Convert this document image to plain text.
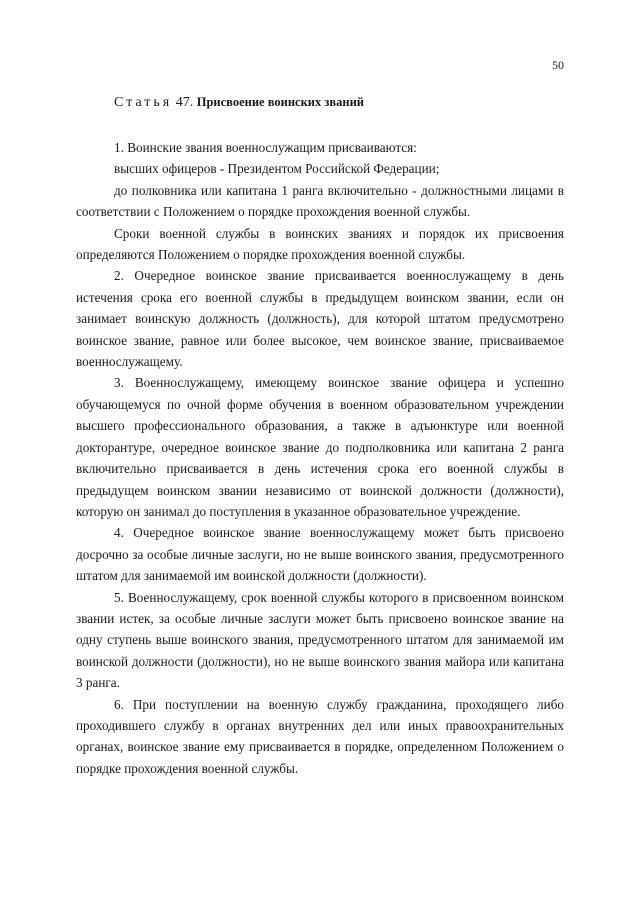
50
Статья 47. Присвоение воинских званий

1. Воинские звания военнослужащим присваиваются:

высших офицеров - Президентом Российской Федерации;

до полковника или капитана 1 ранга включительно - должностными лицами в соответствии с Положением о порядке прохождения военной службы.

Сроки военной службы в воинских званиях и порядок их присвоения определяются Положением о порядке прохождения военной службы.

2. Очередное воинское звание присваивается военнослужащему в день истечения срока его военной службы в предыдущем воинском звании, если он занимает воинскую должность (должность), для которой штатом предусмотрено воинское звание, равное или более высокое, чем воинское звание, присваиваемое военнослужащему.

3. Военнослужащему, имеющему воинское звание офицера и успешно обучающемуся по очной форме обучения в военном образовательном учреждении высшего профессионального образования, а также в адъюнктуре или военной докторантуре, очередное воинское звание до подполковника или капитана 2 ранга включительно присваивается в день истечения срока его военной службы в предыдущем воинском звании независимо от воинской должности (должности), которую он занимал до поступления в указанное образовательное учреждение.

4. Очередное воинское звание военнослужащему может быть присвоено досрочно за особые личные заслуги, но не выше воинского звания, предусмотренного штатом для занимаемой им воинской должности (должности).

5. Военнослужащему, срок военной службы которого в присвоенном воинском звании истек, за особые личные заслуги может быть присвоено воинское звание на одну ступень выше воинского звания, предусмотренного штатом для занимаемой им воинской должности (должности), но не выше воинского звания майора или капитана 3 ранга.

6. При поступлении на военную службу гражданина, проходящего либо проходившего службу в органах внутренних дел или иных правоохранительных органах, воинское звание ему присваивается в порядке, определенном Положением о порядке прохождения военной службы.
